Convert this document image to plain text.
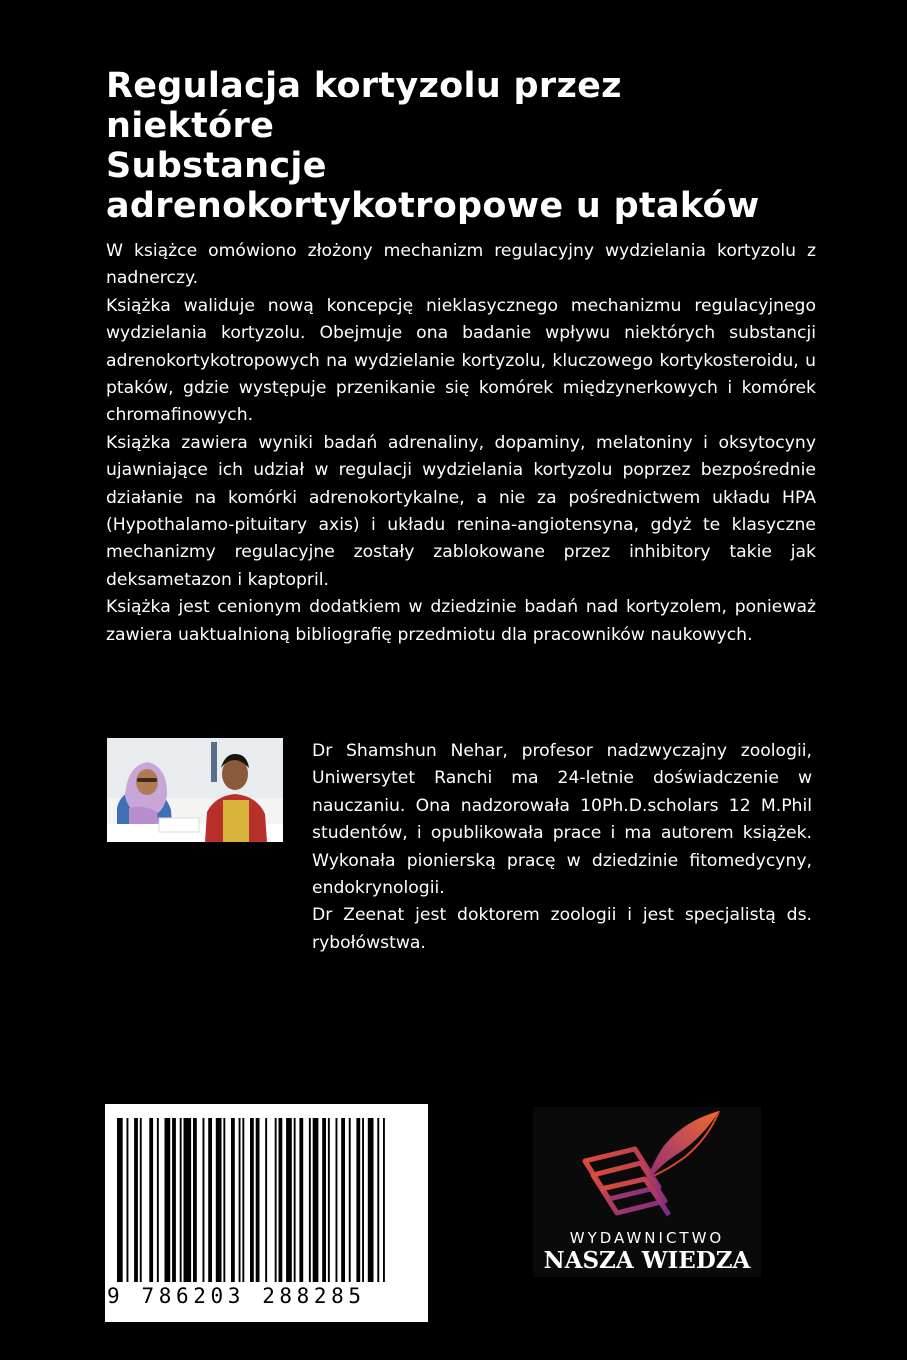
Regulacja kortyzolu przez
niektóre
Substancje
adrenokortykotropowe u ptaków

W książce omówiono złożony mechanizm regulacyjny wydzielania kortyzolu z nadnerczy.

Książka waliduje nową koncepcję nieklasycznego mechanizmu regulacyjnego wydzielania kortyzolu. Obejmuje ona badanie wpływu niektórych substancji adrenokortykotropowych na wydzielanie kortyzolu, kluczowego kortykosteroidu, u ptaków, gdzie występuje przenikanie się komórek międzynerkowych i komórek chromafinowych.

Książka zawiera wyniki badań adrenaliny, dopaminy, melatoniny i oksytocyny ujawniające ich udział w regulacji wydzielania kortyzolu poprzez bezpośrednie działanie na komórki adrenokortykalne, a nie za pośrednictwem układu HPA (Hypothalamo-pituitary axis) i układu renina-angiotensyna, gdyż te klasyczne mechanizmy regulacyjne zostały zablokowane przez inhibitory takie jak deksametazon i kaptopril.

Książka jest cenionym dodatkiem w dziedzinie badań nad kortyzolem, ponieważ zawiera uaktualnioną bibliografię przedmiotu dla pracowników naukowych.

Dr Shamshun Nehar, profesor nadzwyczajny zoologii, Uniwersytet Ranchi ma 24-letnie doświadczenie w nauczaniu. Ona nadzorowała 10Ph.D.scholars 12 M.Phil studentów, i opublikowała prace i ma autorem książek. Wykonała pionierską pracę w dziedzinie fitomedycyny, endokrynologii.

Dr Zeenat jest doktorem zoologii i jest specjalistą ds. rybołówstwa.

9 786203 288285
WYDAWNICTWO
NASZA WIEDZA
